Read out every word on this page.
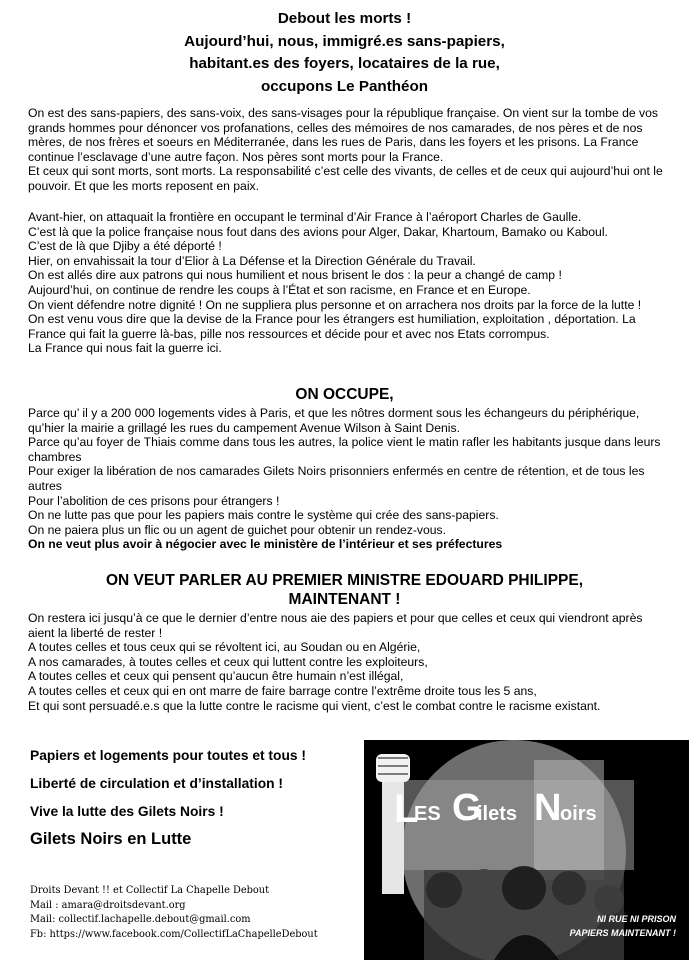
Debout les morts !
Aujourd’hui, nous, immigré.es sans-papiers,
habitant.es des foyers, locataires de la rue,
occupons Le Panthéon

On est des sans-papiers, des sans-voix, des sans-visages pour la république française. On vient sur la tombe de vos grands hommes pour dénoncer vos profanations, celles des mémoires de nos camarades, de nos pères et de nos mères, de nos frères et soeurs en Méditerranée, dans les rues de Paris, dans les foyers et les prisons. La France continue l’esclavage d’une autre façon. Nos pères sont morts pour la France.

Et ceux qui sont morts, sont morts. La responsabilité c’est celle des vivants, de celles et de ceux qui aujourd’hui ont le pouvoir. Et que les morts reposent en paix.

Avant-hier, on attaquait la frontière en occupant le terminal d’Air France à l’aéroport Charles de Gaulle.

C’est là que la police française nous fout dans des avions pour Alger, Dakar, Khartoum, Bamako ou Kaboul.

C’est de là que Djiby a été déporté !

Hier, on envahissait la tour d’Elior à La Défense et la Direction Générale du Travail.

On est allés dire aux patrons qui nous humilient et nous brisent le dos : la peur a changé de camp !

Aujourd’hui, on continue de rendre les coups à l’État et son racisme, en France et en Europe.

On vient défendre notre dignité ! On ne suppliera plus personne et on arrachera nos droits par la force de la lutte !

On est venu vous dire que la devise de la France pour les étrangers est humiliation, exploitation , déportation. La France qui fait la guerre là-bas, pille nos ressources et décide pour et avec nos Etats corrompus.

La France qui nous fait la guerre ici.

ON OCCUPE,

Parce qu’ il y a 200 000 logements vides à Paris, et que les nôtres dorment sous les échangeurs du périphérique, qu’hier la mairie a grillagé les rues du campement Avenue Wilson à Saint Denis.

Parce qu’au foyer de Thiais comme dans tous les autres, la police vient le matin rafler les habitants jusque dans leurs chambres

Pour exiger la libération de nos camarades Gilets Noirs prisonniers enfermés en centre de rétention, et de tous les autres

Pour l’abolition de ces prisons pour étrangers !

On ne lutte pas que pour les papiers mais contre le système qui crée des sans-papiers.

On ne paiera plus un flic ou un agent de guichet pour obtenir un rendez-vous.

On ne veut plus avoir à négocier avec le ministère de l’intérieur et ses préfectures

ON VEUT PARLER AU PREMIER MINISTRE EDOUARD PHILIPPE,
MAINTENANT !

On restera ici jusqu’à ce que le dernier d’entre nous aie des papiers et pour que celles et ceux qui viendront après aient la liberté de rester !

A toutes celles et tous ceux qui se révoltent ici, au Soudan ou en Algérie,

A nos camarades, à toutes celles et ceux qui luttent contre les exploiteurs,

A toutes celles et ceux qui pensent qu’aucun être humain n’est illégal,

A toutes celles et ceux qui en ont marre de faire barrage contre l’extrême droite tous les 5 ans,

Et qui sont persuadé.e.s que la lutte contre le racisme qui vient, c’est le combat contre le racisme existant.

Papiers et logements pour toutes et tous !
Liberté de circulation et d’installation !
Vive la lutte des Gilets Noirs !
Gilets Noirs en Lutte
Droits Devant !! et Collectif La Chapelle Debout
Mail : amara@droitsdevant.org
Mail: collectif.lachapelle.debout@gmail.com
Fb: https://www.facebook.com/CollectifLaChapelleDebout
L
ES G
ilets N
oirs
NI RUE NI PRISON
PAPIERS MAINTENANT !
